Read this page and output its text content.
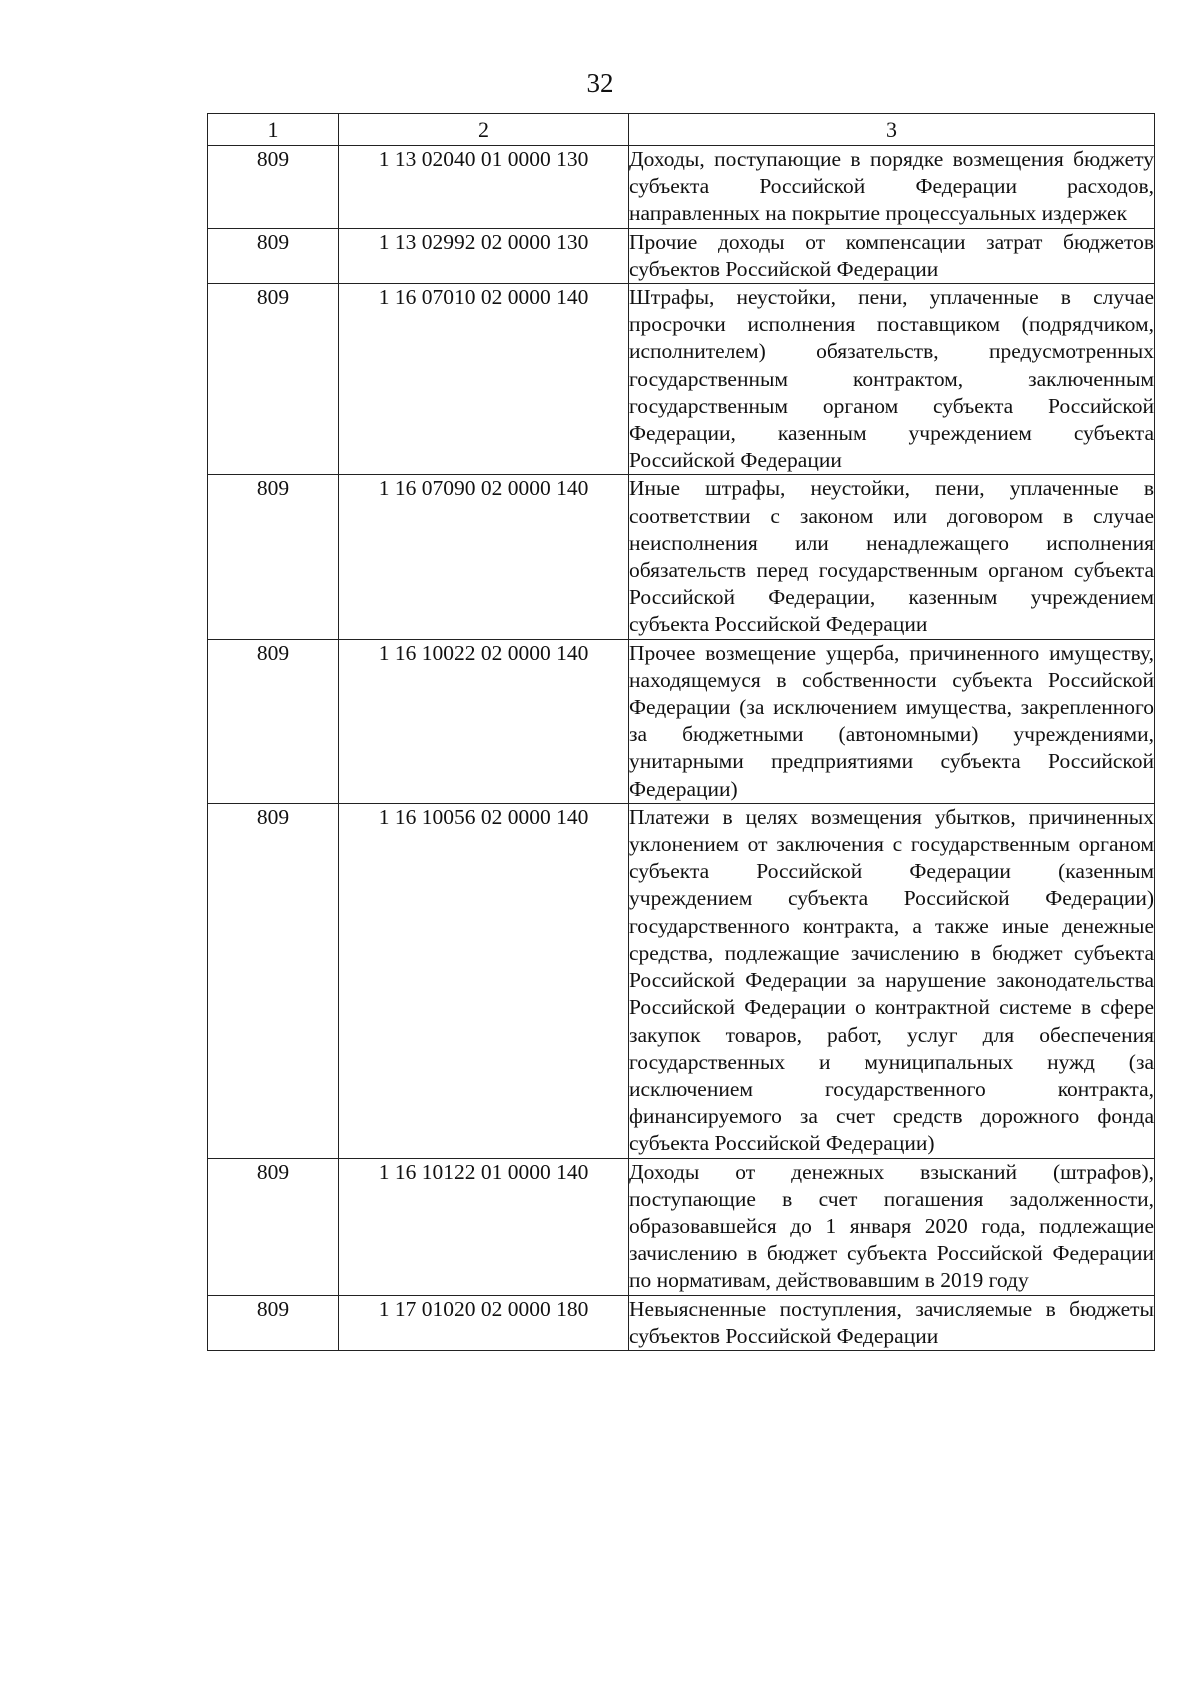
32
1	2	3
809	1 13 02040 01 0000 130	Доходы, поступающие в порядке возмещения бюджету субъекта Российской Федерации расходов, направленных на покрытие процессуальных издержек
809	1 13 02992 02 0000 130	Прочие доходы от компенсации затрат бюджетов субъектов Российской Федерации
809	1 16 07010 02 0000 140	Штрафы, неустойки, пени, уплаченные в случае просрочки исполнения поставщиком (подрядчиком, исполнителем) обязательств, предусмотренных государственным контрактом, заключенным государственным органом субъекта Российской Федерации, казенным учреждением субъекта Российской Федерации
809	1 16 07090 02 0000 140	Иные штрафы, неустойки, пени, уплаченные в соответствии с законом или договором в случае неисполнения или ненадлежащего исполнения обязательств перед государственным органом субъекта Российской Федерации, казенным учреждением субъекта Российской Федерации
809	1 16 10022 02 0000 140	Прочее возмещение ущерба, причиненного имуществу, находящемуся в собственности субъекта Российской Федерации (за исключением имущества, закрепленного за бюджетными (автономными) учреждениями, унитарными предприятиями субъекта Российской Федерации)
809	1 16 10056 02 0000 140	Платежи в целях возмещения убытков, причиненных уклонением от заключения с государственным органом субъекта Российской Федерации (казенным учреждением субъекта Российской Федерации) государственного контракта, а также иные денежные средства, подлежащие зачислению в бюджет субъекта Российской Федерации за нарушение законодательства Российской Федерации о контрактной системе в сфере закупок товаров, работ, услуг для обеспечения государственных и муниципальных нужд (за исключением государственного контракта, финансируемого за счет средств дорожного фонда субъекта Российской Федерации)
809	1 16 10122 01 0000 140	Доходы от денежных взысканий (штрафов), поступающие в счет погашения задолженности, образовавшейся до 1 января 2020 года, подлежащие зачислению в бюджет субъекта Российской Федерации по нормативам, действовавшим в 2019 году
809	1 17 01020 02 0000 180	Невыясненные поступления, зачисляемые в бюджеты субъектов Российской Федерации
